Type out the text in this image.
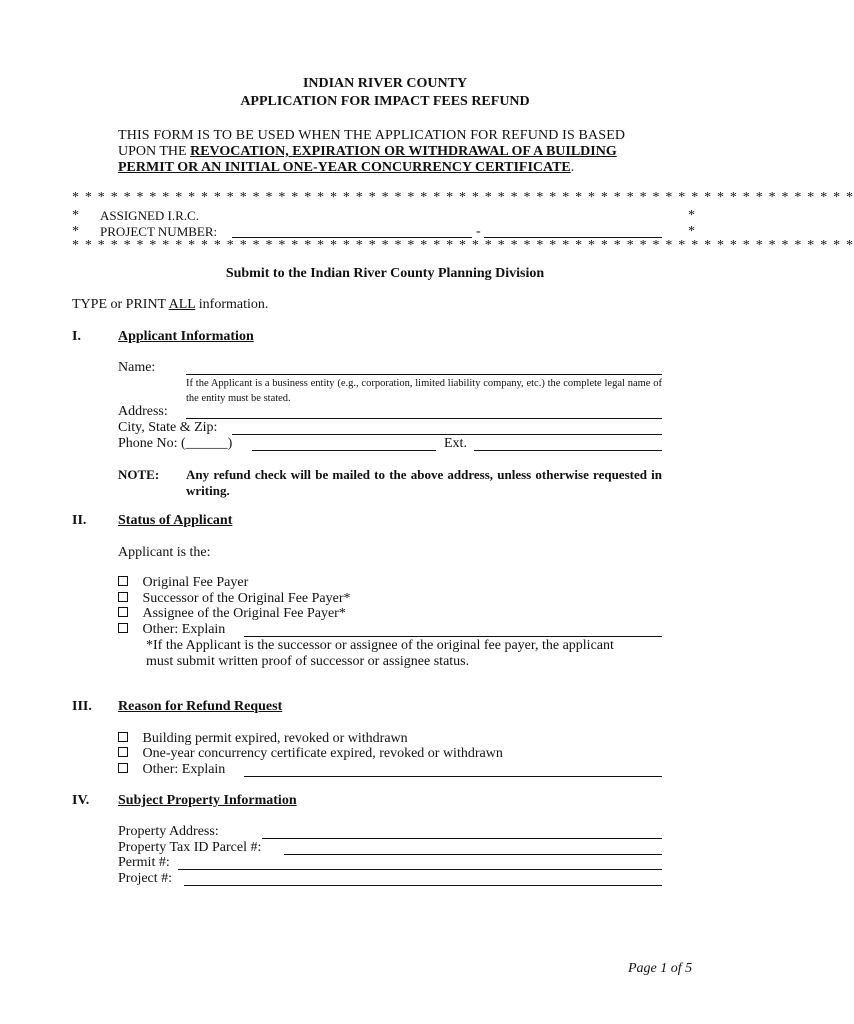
INDIAN RIVER COUNTY
APPLICATION FOR IMPACT FEES REFUND
THIS FORM IS TO BE USED WHEN THE APPLICATION FOR REFUND IS BASED
UPON THE REVOCATION, EXPIRATION OR WITHDRAWAL OF A BUILDING
PERMIT OR AN INITIAL ONE-YEAR CONCURRENCY CERTIFICATE.
* * * * * * * * * * * * * * * * * * * * * * * * * * * * * * * * * * * * * * * * * * * * * * * * * * * * * * * * * * * * *
* ASSIGNED I.R.C.	*
* PROJECT NUMBER:	-	*
* * * * * * * * * * * * * * * * * * * * * * * * * * * * * * * * * * * * * * * * * * * * * * * * * * * * * * * * * * * * *
Submit to the Indian River County Planning Division
TYPE or PRINT ALL information.
I.	Applicant Information
Name:
If the Applicant is a business entity (e.g., corporation, limited liability company, etc.) the complete legal name of the entity must be stated.
Address:
City, State & Zip:
Phone No: (______)	Ext.
NOTE: Any refund check will be mailed to the above address, unless otherwise requested in writing.
II. Status of Applicant
Applicant is the:
Original Fee Payer
Successor of the Original Fee Payer*
Assignee of the Original Fee Payer*
Other: Explain
*If the Applicant is the successor or assignee of the original fee payer, the applicant
must submit written proof of successor or assignee status.
III. Reason for Refund Request
Building permit expired, revoked or withdrawn
One-year concurrency certificate expired, revoked or withdrawn
Other: Explain
IV. Subject Property Information
Property Address:
Property Tax ID Parcel #:
Permit #:
Project #:
Page 1 of 5
